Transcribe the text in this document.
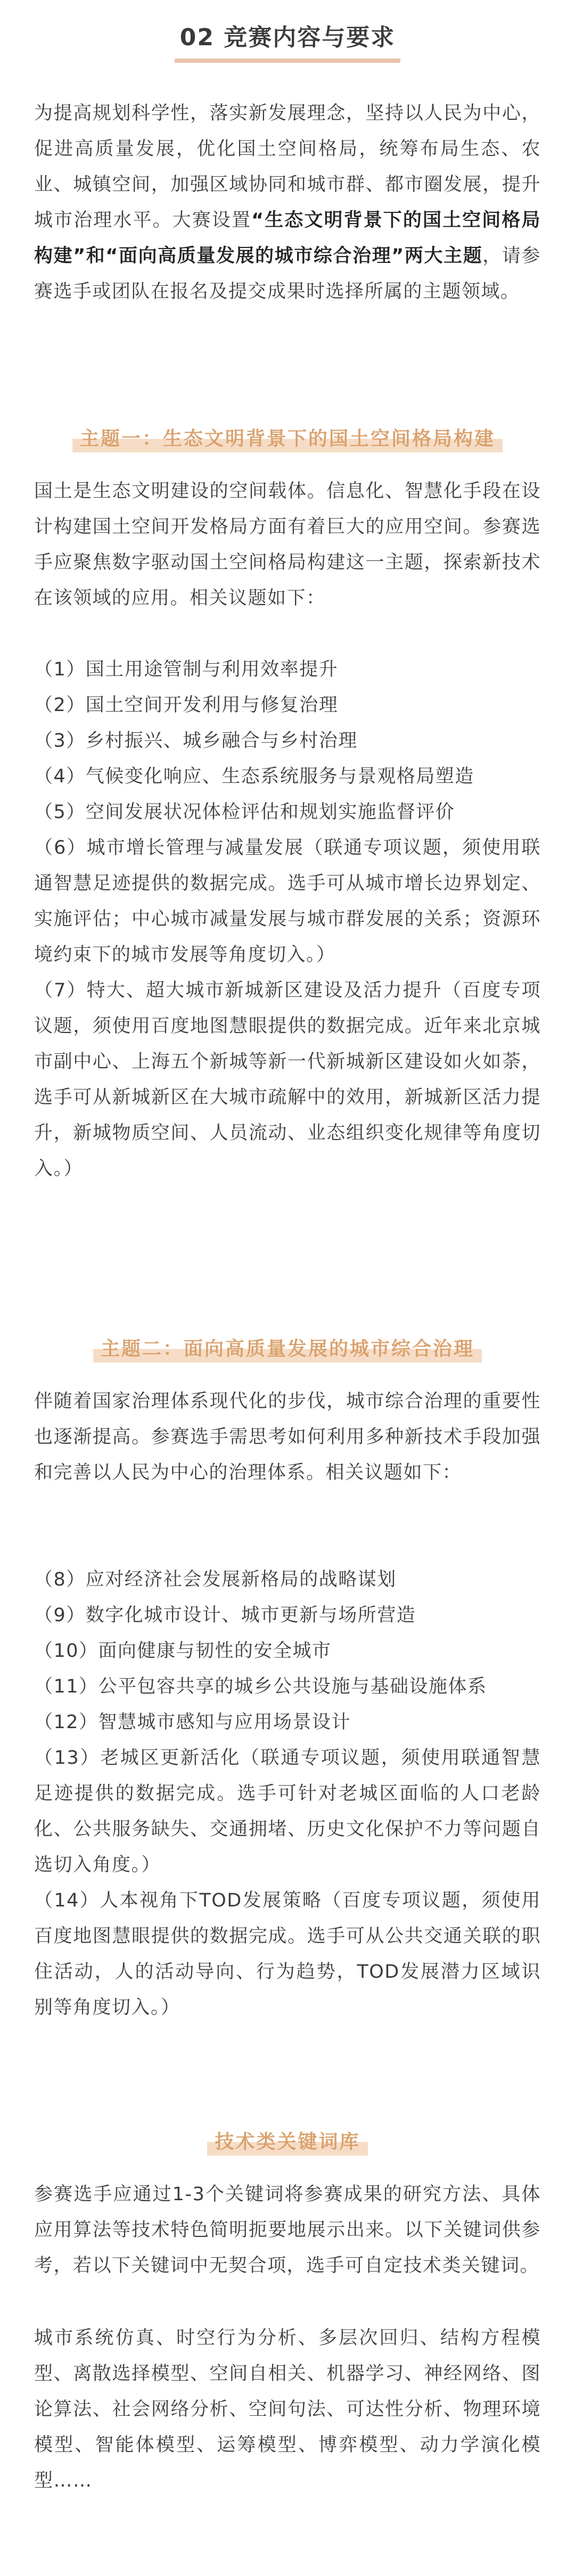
02 竞赛内容与要求

为提高规划科学性，落实新发展理念，坚持以人民为中心，促进高质量发展，优化国土空间格局，统筹布局生态、农业、城镇空间，加强区域协同和城市群、都市圈发展，提升城市治理水平。大赛设置“生态文明背景下的国土空间格局构建”和“面向高质量发展的城市综合治理”两大主题，请参赛选手或团队在报名及提交成果时选择所属的主题领域。

主题一：生态文明背景下的国土空间格局构建

国土是生态文明建设的空间载体。信息化、智慧化手段在设计构建国土空间开发格局方面有着巨大的应用空间。参赛选手应聚焦数字驱动国土空间格局构建这一主题，探索新技术在该领域的应用。相关议题如下：

（1）国土用途管制与利用效率提升
（2）国土空间开发利用与修复治理
（3）乡村振兴、城乡融合与乡村治理
（4）气候变化响应、生态系统服务与景观格局塑造
（5）空间发展状况体检评估和规划实施监督评价
（6）城市增长管理与减量发展（联通专项议题，须使用联通智慧足迹提供的数据完成。选手可从城市增长边界划定、实施评估；中心城市减量发展与城市群发展的关系；资源环境约束下的城市发展等角度切入。）
（7）特大、超大城市新城新区建设及活力提升（百度专项议题，须使用百度地图慧眼提供的数据完成。近年来北京城市副中心、上海五个新城等新一代新城新区建设如火如荼，选手可从新城新区在大城市疏解中的效用，新城新区活力提升，新城物质空间、人员流动、业态组织变化规律等角度切入。）
主题二：面向高质量发展的城市综合治理

伴随着国家治理体系现代化的步伐，城市综合治理的重要性也逐渐提高。参赛选手需思考如何利用多种新技术手段加强和完善以人民为中心的治理体系。相关议题如下：

（8）应对经济社会发展新格局的战略谋划
（9）数字化城市设计、城市更新与场所营造
（10）面向健康与韧性的安全城市
（11）公平包容共享的城乡公共设施与基础设施体系
（12）智慧城市感知与应用场景设计
（13）老城区更新活化（联通专项议题，须使用联通智慧足迹提供的数据完成。选手可针对老城区面临的人口老龄化、公共服务缺失、交通拥堵、历史文化保护不力等问题自选切入角度。）
（14）人本视角下TOD发展策略（百度专项议题，须使用百度地图慧眼提供的数据完成。选手可从公共交通关联的职住活动，人的活动导向、行为趋势，TOD发展潜力区域识别等角度切入。）
技术类关键词库

参赛选手应通过1-3个关键词将参赛成果的研究方法、具体应用算法等技术特色简明扼要地展示出来。以下关键词供参考，若以下关键词中无契合项，选手可自定技术类关键词。

城市系统仿真、时空行为分析、多层次回归、结构方程模型、离散选择模型、空间自相关、机器学习、神经网络、图论算法、社会网络分析、空间句法、可达性分析、物理环境模型、智能体模型、运筹模型、博弈模型、动力学演化模型……
